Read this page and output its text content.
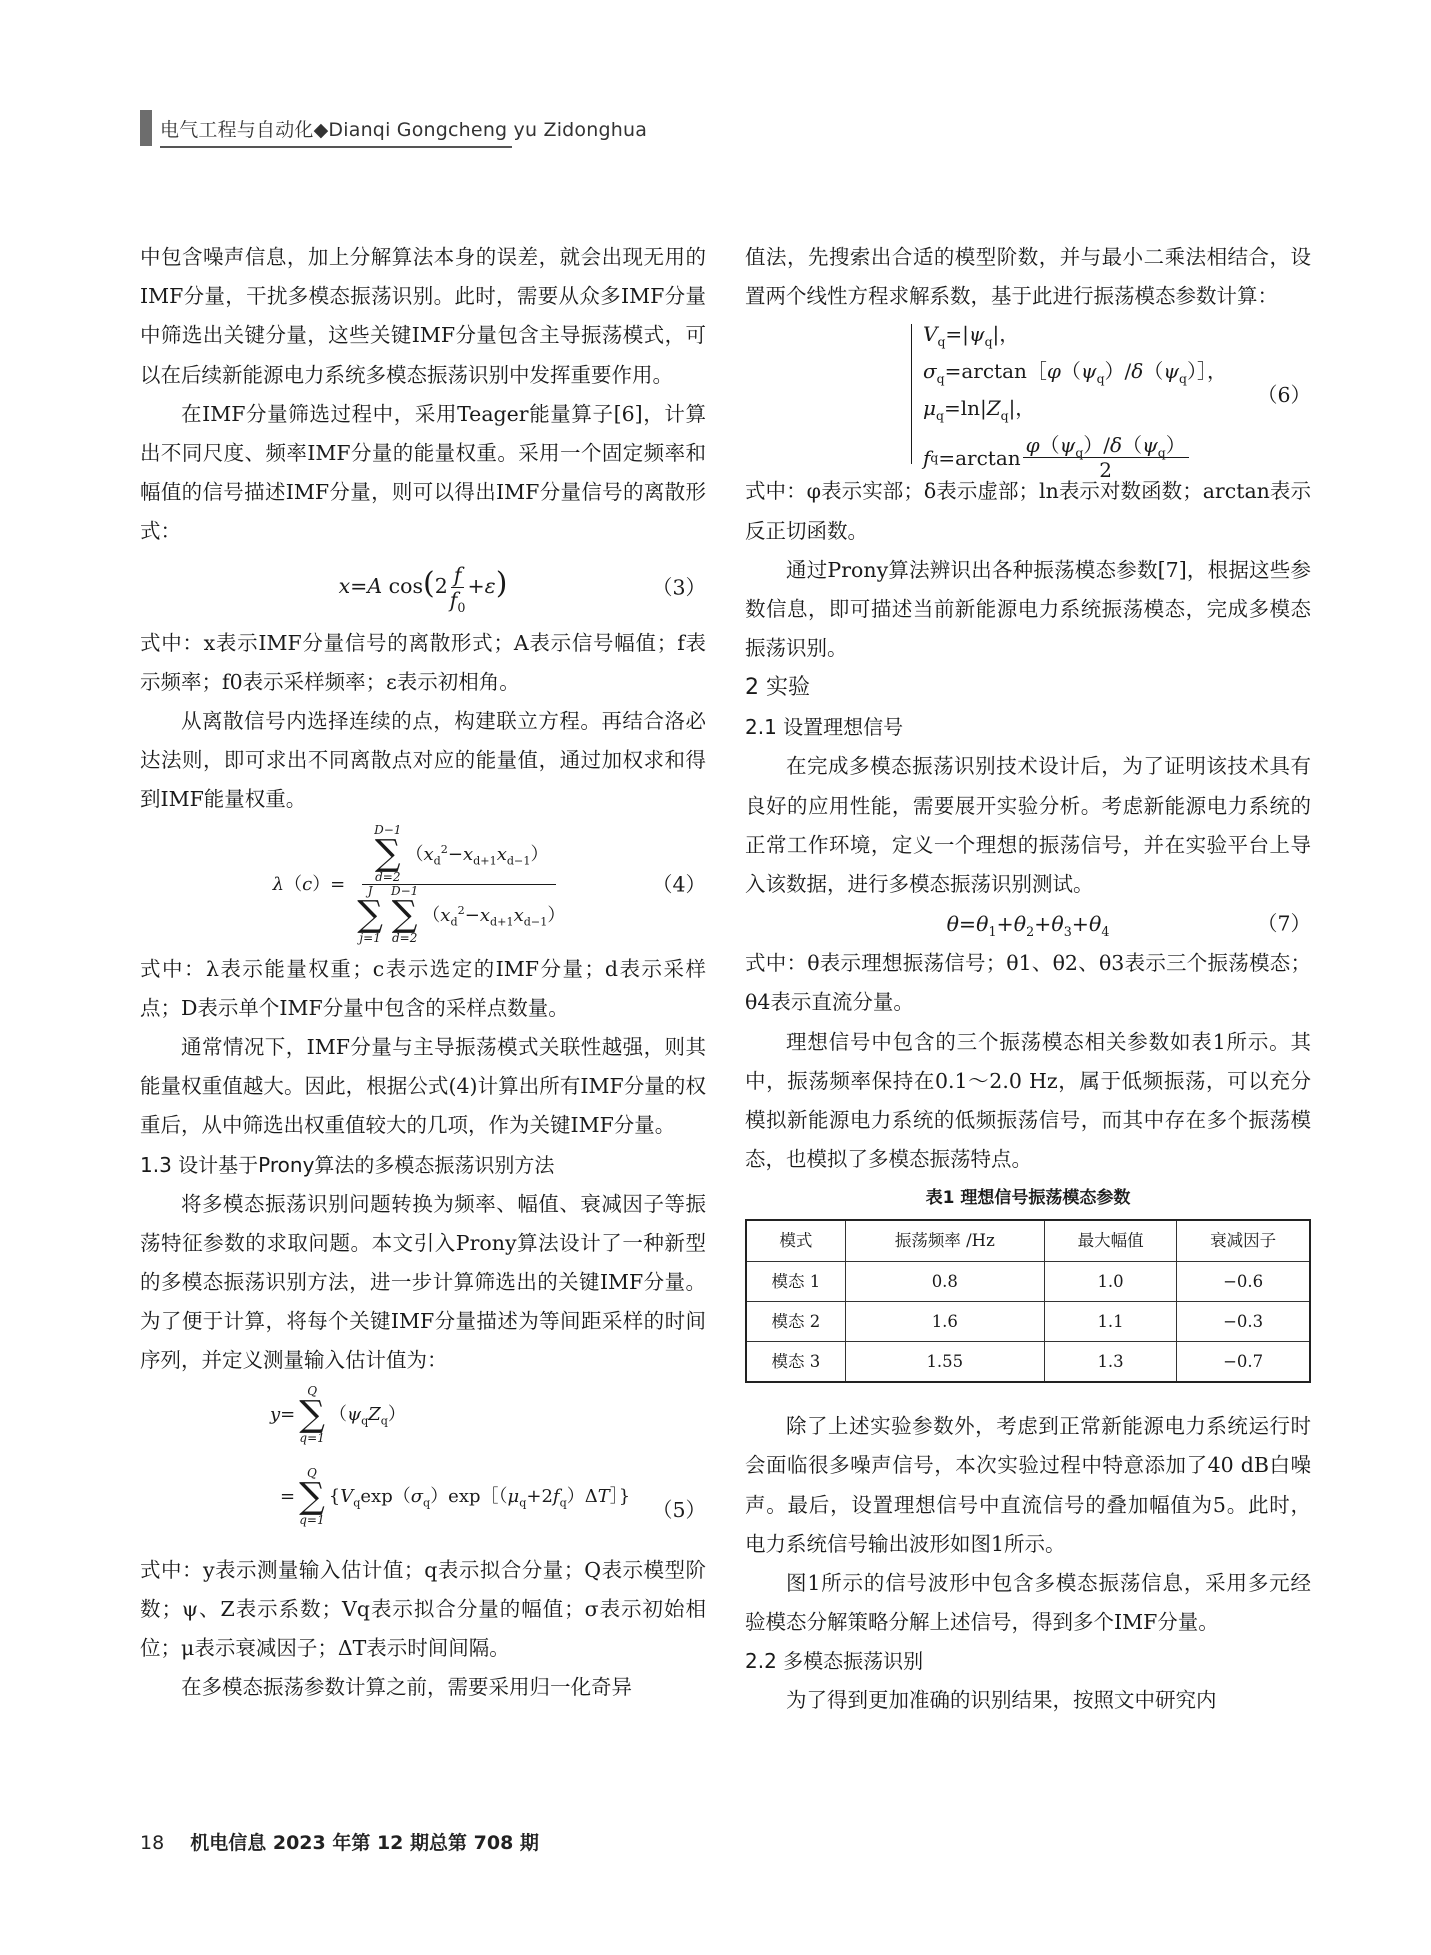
电气工程与自动化◆Dianqi Gongcheng yu Zidonghua

中包含噪声信息，加上分解算法本身的误差，就会出现无用的IMF分量，干扰多模态振荡识别。此时，需要从众多IMF分量中筛选出关键分量，这些关键IMF分量包含主导振荡模式，可以在后续新能源电力系统多模态振荡识别中发挥重要作用。

在IMF分量筛选过程中，采用Teager能量算子[6]，计算出不同尺度、频率IMF分量的能量权重。采用一个固定频率和幅值的信号描述IMF分量，则可以得出IMF分量信号的离散形式：

x=A $\cos(2 \frac{f}{f_0} +\varepsilon)$	（3）

式中：x表示IMF分量信号的离散形式；A表示信号幅值；f表示频率；f0表示采样频率；ε表示初相角。

从离散信号内选择连续的点，构建联立方程。再结合洛必达法则，即可求出不同离散点对应的能量值，通过加权求和得到IMF能量权重。

λ（c）= D−1
∑
d=2
$(x_d^2-x_{d+1}x_{d-1})$
J
∑
j=1
D−1
∑
d=2
$(x_d^2-x_{d+1}x_{d-1})$	（4）

式中：λ表示能量权重；c表示选定的IMF分量；d表示采样点；D表示单个IMF分量中包含的采样点数量。

通常情况下，IMF分量与主导振荡模式关联性越强，则其能量权重值越大。因此，根据公式(4)计算出所有IMF分量的权重后，从中筛选出权重值较大的几项，作为关键IMF分量。

1.3 设计基于Prony算法的多模态振荡识别方法

将多模态振荡识别问题转换为频率、幅值、衰减因子等振荡特征参数的求取问题。本文引入Prony算法设计了一种新型的多模态振荡识别方法，进一步计算筛选出的关键IMF分量。为了便于计算，将每个关键IMF分量描述为等间距采样的时间序列，并定义测量输入估计值为：

y =
Q
∑
q=1
$(\psi_qZ_q)$
=
Q
∑
q=1
$\{V_q\exp(\sigma_q)\exp[(\mu_q+2f_q)\Delta T]\}$
（5）

式中：y表示测量输入估计值；q表示拟合分量；Q表示模型阶数；ψ、Z表示系数；Vq表示拟合分量的幅值；σ表示初始相位；μ表示衰减因子；ΔT表示时间间隔。

在多模态振荡参数计算之前，需要采用归一化奇异

值法，先搜索出合适的模型阶数，并与最小二乘法相结合，设置两个线性方程求解系数，基于此进行振荡模态参数计算：

$V_q=|\psi_q|$，
$\sigma_q=\arctan[\varphi(\psi_q)/\delta(\psi_q)]$，
$\mu_q=\ln|Z_q|$，
f $q =\arctan \frac{\varphi(\psi_q)/\delta(\psi_q)}{2}$
（6）

式中：φ表示实部；δ表示虚部；ln表示对数函数；arctan表示反正切函数。

通过Prony算法辨识出各种振荡模态参数[7]，根据这些参数信息，即可描述当前新能源电力系统振荡模态，完成多模态振荡识别。

2 实验
2.1 设置理想信号

在完成多模态振荡识别技术设计后，为了证明该技术具有良好的应用性能，需要展开实验分析。考虑新能源电力系统的正常工作环境，定义一个理想的振荡信号，并在实验平台上导入该数据，进行多模态振荡识别测试。

$\theta=\theta_1+\theta_2+\theta_3+\theta_4$	（7）

式中：θ表示理想振荡信号；θ1、θ2、θ3表示三个振荡模态；θ4表示直流分量。

理想信号中包含的三个振荡模态相关参数如表1所示。其中，振荡频率保持在0.1～2.0 Hz，属于低频振荡，可以充分模拟新能源电力系统的低频振荡信号，而其中存在多个振荡模态，也模拟了多模态振荡特点。

表1 理想信号振荡模态参数
模式	振荡频率 /Hz	最大幅值	衰减因子
模态 1	0.8	1.0	−0.6
模态 2	1.6	1.1	−0.3
模态 3	1.55	1.3	−0.7

除了上述实验参数外，考虑到正常新能源电力系统运行时会面临很多噪声信号，本次实验过程中特意添加了40 dB白噪声。最后，设置理想信号中直流信号的叠加幅值为5。此时，电力系统信号输出波形如图1所示。

图1所示的信号波形中包含多模态振荡信息，采用多元经验模态分解策略分解上述信号，得到多个IMF分量。

2.2 多模态振荡识别

为了得到更加准确的识别结果，按照文中研究内

18 机电信息 2023 年第 12 期总第 708 期
